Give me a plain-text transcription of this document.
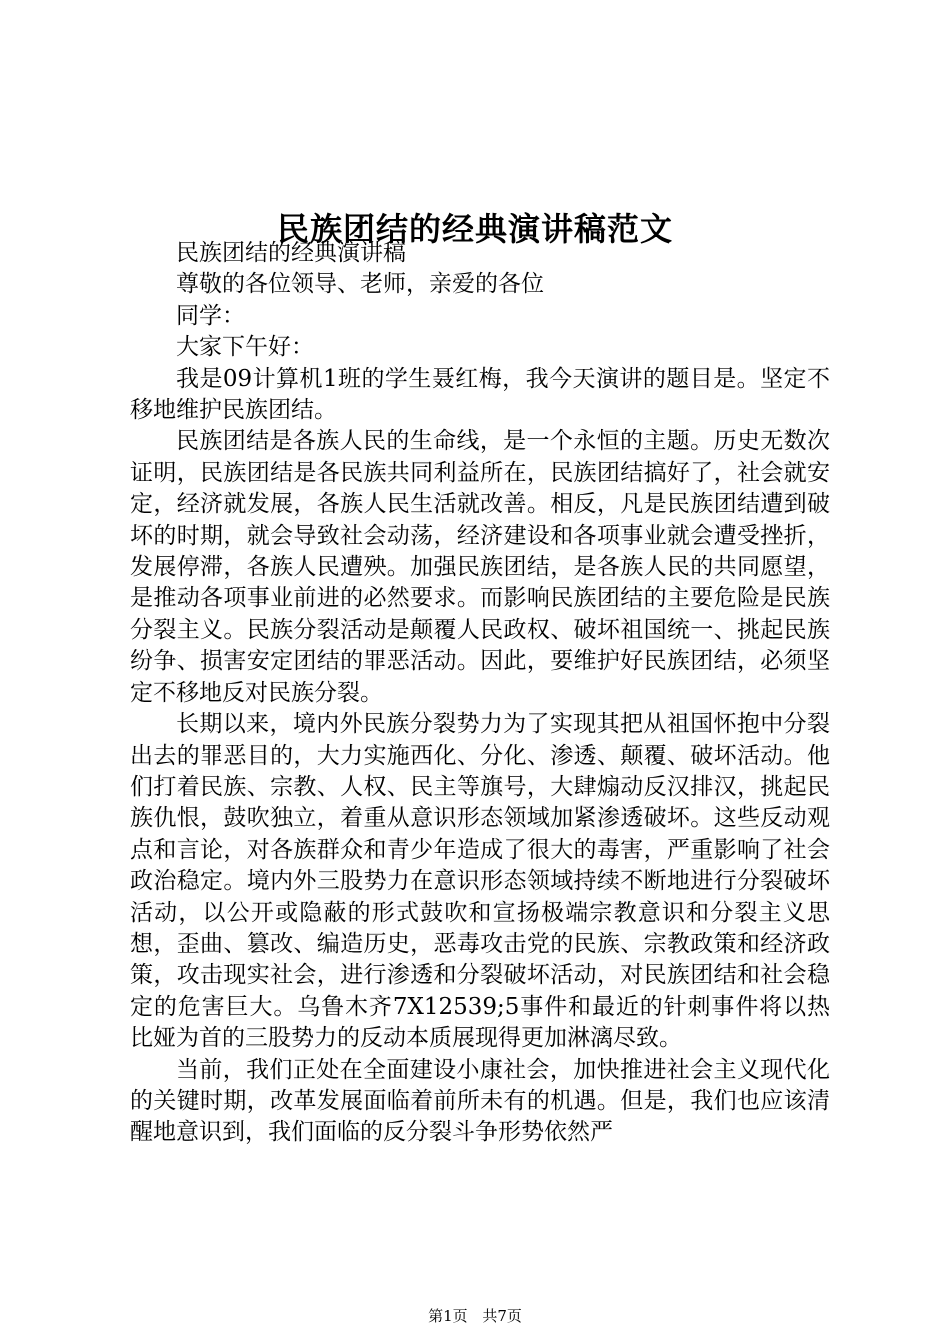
民族团结的经典演讲稿范文

民族团结的经典演讲稿

尊敬的各位领导、老师，亲爱的各位

同学：

大家下午好：

我是09计算机1班的学生聂红梅，我今天演讲的题目是。坚定不移地维护民族团结。

民族团结是各族人民的生命线，是一个永恒的主题。历史无数次证明，民族团结是各民族共同利益所在，民族团结搞好了，社会就安定，经济就发展，各族人民生活就改善。相反，凡是民族团结遭到破坏的时期，就会导致社会动荡，经济建设和各项事业就会遭受挫折，发展停滞，各族人民遭殃。加强民族团结，是各族人民的共同愿望，是推动各项事业前进的必然要求。而影响民族团结的主要危险是民族分裂主义。民族分裂活动是颠覆人民政权、破坏祖国统一、挑起民族纷争、损害安定团结的罪恶活动。因此，要维护好民族团结，必须坚定不移地反对民族分裂。

长期以来，境内外民族分裂势力为了实现其把从祖国怀抱中分裂出去的罪恶目的，大力实施西化、分化、渗透、颠覆、破坏活动。他们打着民族、宗教、人权、民主等旗号，大肆煽动反汉排汉，挑起民族仇恨，鼓吹独立，着重从意识形态领域加紧渗透破坏。这些反动观点和言论，对各族群众和青少年造成了很大的毒害，严重影响了社会政治稳定。境内外三股势力在意识形态领域持续不断地进行分裂破坏活动，以公开或隐蔽的形式鼓吹和宣扬极端宗教意识和分裂主义思想，歪曲、篡改、编造历史，恶毒攻击党的民族、宗教政策和经济政策，攻击现实社会，进行渗透和分裂破坏活动，对民族团结和社会稳定的危害巨大。乌鲁木齐7X12539;5事件和最近的针刺事件将以热比娅为首的三股势力的反动本质展现得更加淋漓尽致。

当前，我们正处在全面建设小康社会，加快推进社会主义现代化的关键时期，改革发展面临着前所未有的机遇。但是，我们也应该清醒地意识到，我们面临的反分裂斗争形势依然严

第1页 共7页
